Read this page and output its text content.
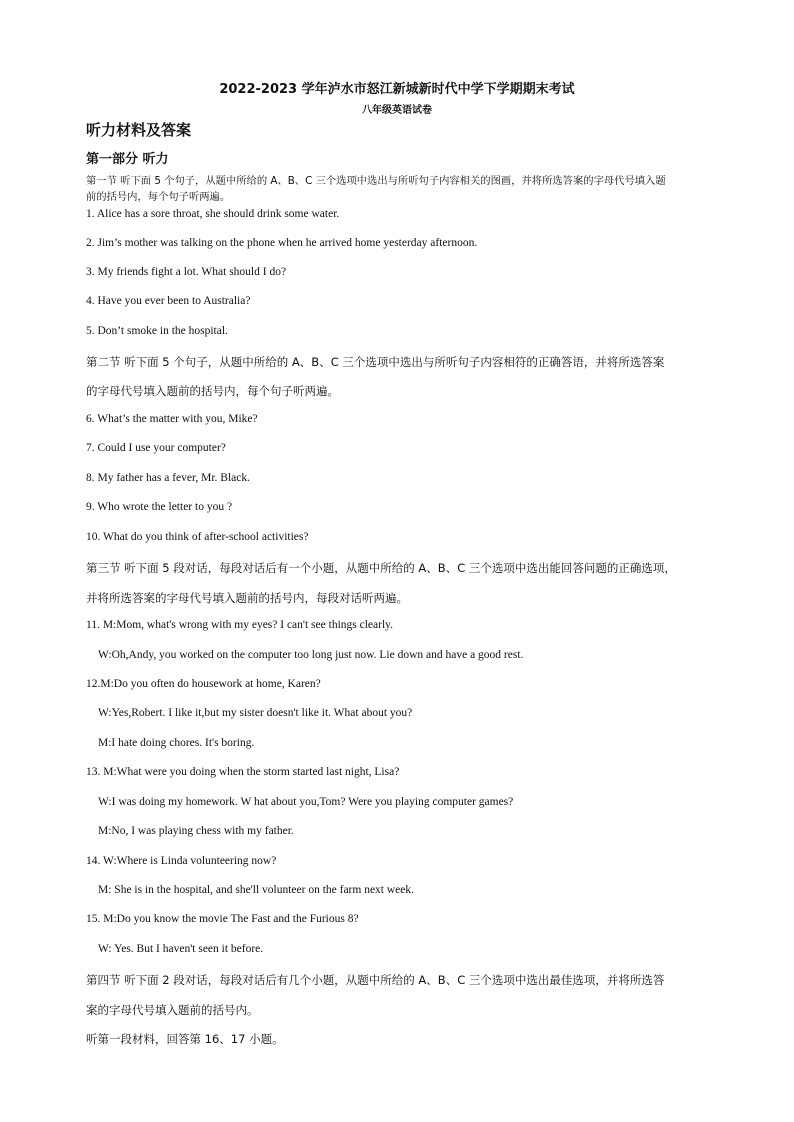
2022-2023 学年泸水市怒江新城新时代中学下学期期末考试
八年级英语试卷
听力材料及答案
第一部分 听力
第一节 听下面 5 个句子，从题中所给的 A、B、C 三个选项中选出与所听句子内容相关的图画，并将所选答案的字母代号填入题
前的括号内，每个句子听两遍。
1. Alice has a sore throat, she should drink some water.
2. Jim’s mother was talking on the phone when he arrived home yesterday afternoon.
3. My friends fight a lot. What should I do?
4. Have you ever been to Australia?
5. Don’t smoke in the hospital.
第二节 听下面 5 个句子，从题中所给的 A、B、C 三个选项中选出与所听句子内容相符的正确答语，并将所选答案
的字母代号填入题前的括号内，每个句子听两遍。
6. What’s the matter with you, Mike?
7. Could I use your computer?
8. My father has a fever, Mr. Black.
9. Who wrote the letter to you ?
10. What do you think of after-school activities?
第三节 听下面 5 段对话，每段对话后有一个小题，从题中所给的 A、B、C 三个选项中选出能回答问题的正确选项，
并将所选答案的字母代号填入题前的括号内，每段对话听两遍。
11. M:Mom, what's wrong with my eyes? I can't see things clearly.
W:Oh,Andy, you worked on the computer too long just now. Lie down and have a good rest.
12.M:Do you often do housework at home, Karen?
W:Yes,Robert. I like it,but my sister doesn't like it. What about you?
M:I hate doing chores. It's boring.
13. M:What were you doing when the storm started last night, Lisa?
W:I was doing my homework. W hat about you,Tom? Were you playing computer games?
M:No, I was playing chess with my father.
14. W:Where is Linda volunteering now?
M: She is in the hospital, and she'll volunteer on the farm next week.
15. M:Do you know the movie The Fast and the Furious 8?
W: Yes. But I haven't seen it before.
第四节 听下面 2 段对话，每段对话后有几个小题，从题中所给的 A、B、C 三个选项中选出最佳选项，并将所选答
案的字母代号填入题前的括号内。
听第一段材料，回答第 16、17 小题。
